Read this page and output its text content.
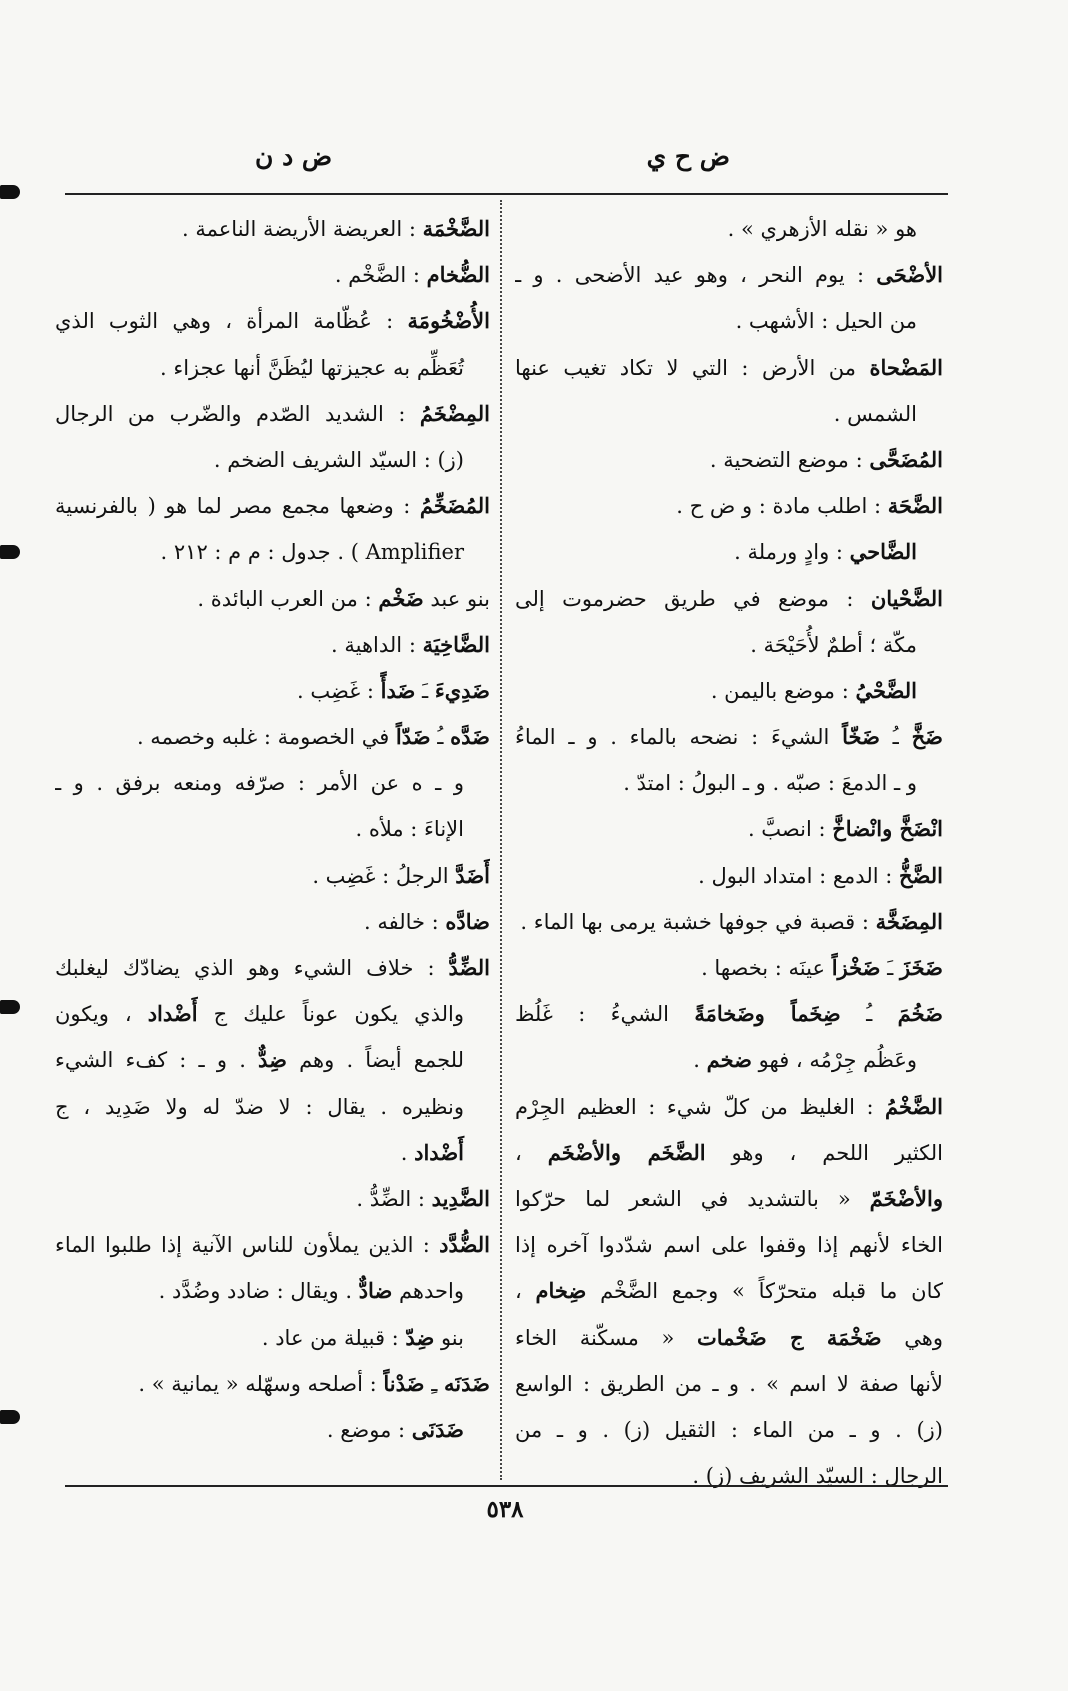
ض ح ي
ض د ن
هو « نقله الأزهري » .
الأضْحَى : يوم النحر ، وهو عيد الأضحى . و ـ
من الحيل : الأشهب .
المَضْحاة من الأرض : التي لا تكاد تغيب عنها
الشمس .
المُضَحَّى : موضع التضحية .
الضَّحَة : اطلب مادة : و ض ح .
الضَّاحي : وادٍ ورملة .
الضَّحْيان : موضع في طريق حضرموت إلى
مكّة ؛ أطمٌ لأُحَيْحَة .
الضَّحْيُ : موضع باليمن .
ضَخَّ ـُ ضَخّاً الشيءَ : نضحه بالماء . و ـ الماءُ
و ـ الدمعَ : صبّه . و ـ البولُ : امتدّ .
انْضَخَّ وانْضاخَّ : انصبَّ .
الضَّخُّ : الدمع : امتداد البول .
المِضَخَّة : قصبة في جوفها خشبة يرمى بها الماء .
ضَخَزَ ـَ ضَخْزاً عينَه : بخصها .
ضَخُمَ ـُ ضِخَماً وضَخامَةً الشيءُ : غَلُظ
وعَظُم جِرْمُه ، فهو ضخم .
الضَّخْمُ : الغليظ من كلّ شيء : العظيم الجِرْم
الكثير اللحم ، وهو الضَّخَم والأضْخَم ،
والأضْخَمّ « بالتشديد في الشعر لما حرّكوا
الخاء لأنهم إذا وقفوا على اسم شدّدوا آخره إذا
كان ما قبله متحرّكاً » وجمع الضَّخْم ضِخام ،
وهي ضَخْمَة ج ضَخْمات « مسكّنة الخاء
لأنها صفة لا اسم » . و ـ من الطريق : الواسع
(ز) . و ـ من الماء : الثقيل (ز) . و ـ من
الرجال : السيّد الشريف (ز) .
الضَّخْمَة : العريضة الأريضة الناعمة .
الضُّخام : الضَّخْم .
الأُضْخُومَة : عُظّامة المرأة ، وهي الثوب الذي
تُعَظِّم به عجيزتها ليُظَنَّ أنها عجزاء .
المِضْخَمُ : الشديد الصّدم والضّرب من الرجال
(ز) : السيّد الشريف الضخم .
المُضَخِّمُ : وضعها مجمع مصر لما هو ( بالفرنسية
Amplifier ) . جدول : م م : ٢١٢ .
بنو عبد ضَخْم : من العرب البائدة .
الضَّاخِيَة : الداهية .
ضَدِيءَ ـَ ضَدأً : غَضِب .
ضَدَّه ـُ ضَدّاً في الخصومة : غلبه وخصمه .
و ـ ه عن الأمر : صرّفه ومنعه برفق . و ـ
الإناءَ : ملأه .
أَضَدَّ الرجلُ : غَضِب .
ضادَّه : خالفه .
الضِّدُّ : خلاف الشيء وهو الذي يضادّك ليغلبك
والذي يكون عوناً عليك ج أَضْداد ، ويكون
للجمع أيضاً . وهم ضِدٌّ . و ـ : كفء الشيء
ونظيره . يقال : لا ضدّ له ولا ضَدِيد ، ج
أَضْداد .
الضَّدِيد : الضِّدُّ .
الضُّدَّد : الذين يملأون للناس الآنية إذا طلبوا الماء
واحدهم ضادٌّ . ويقال : ضادد وضُدَّد .
بنو ضِدّ : قبيلة من عاد .
ضَدَنَه ـِ ضَدْناً : أصلحه وسهّله « يمانية » .
ضَدَنَى : موضع .
٥٣٨
